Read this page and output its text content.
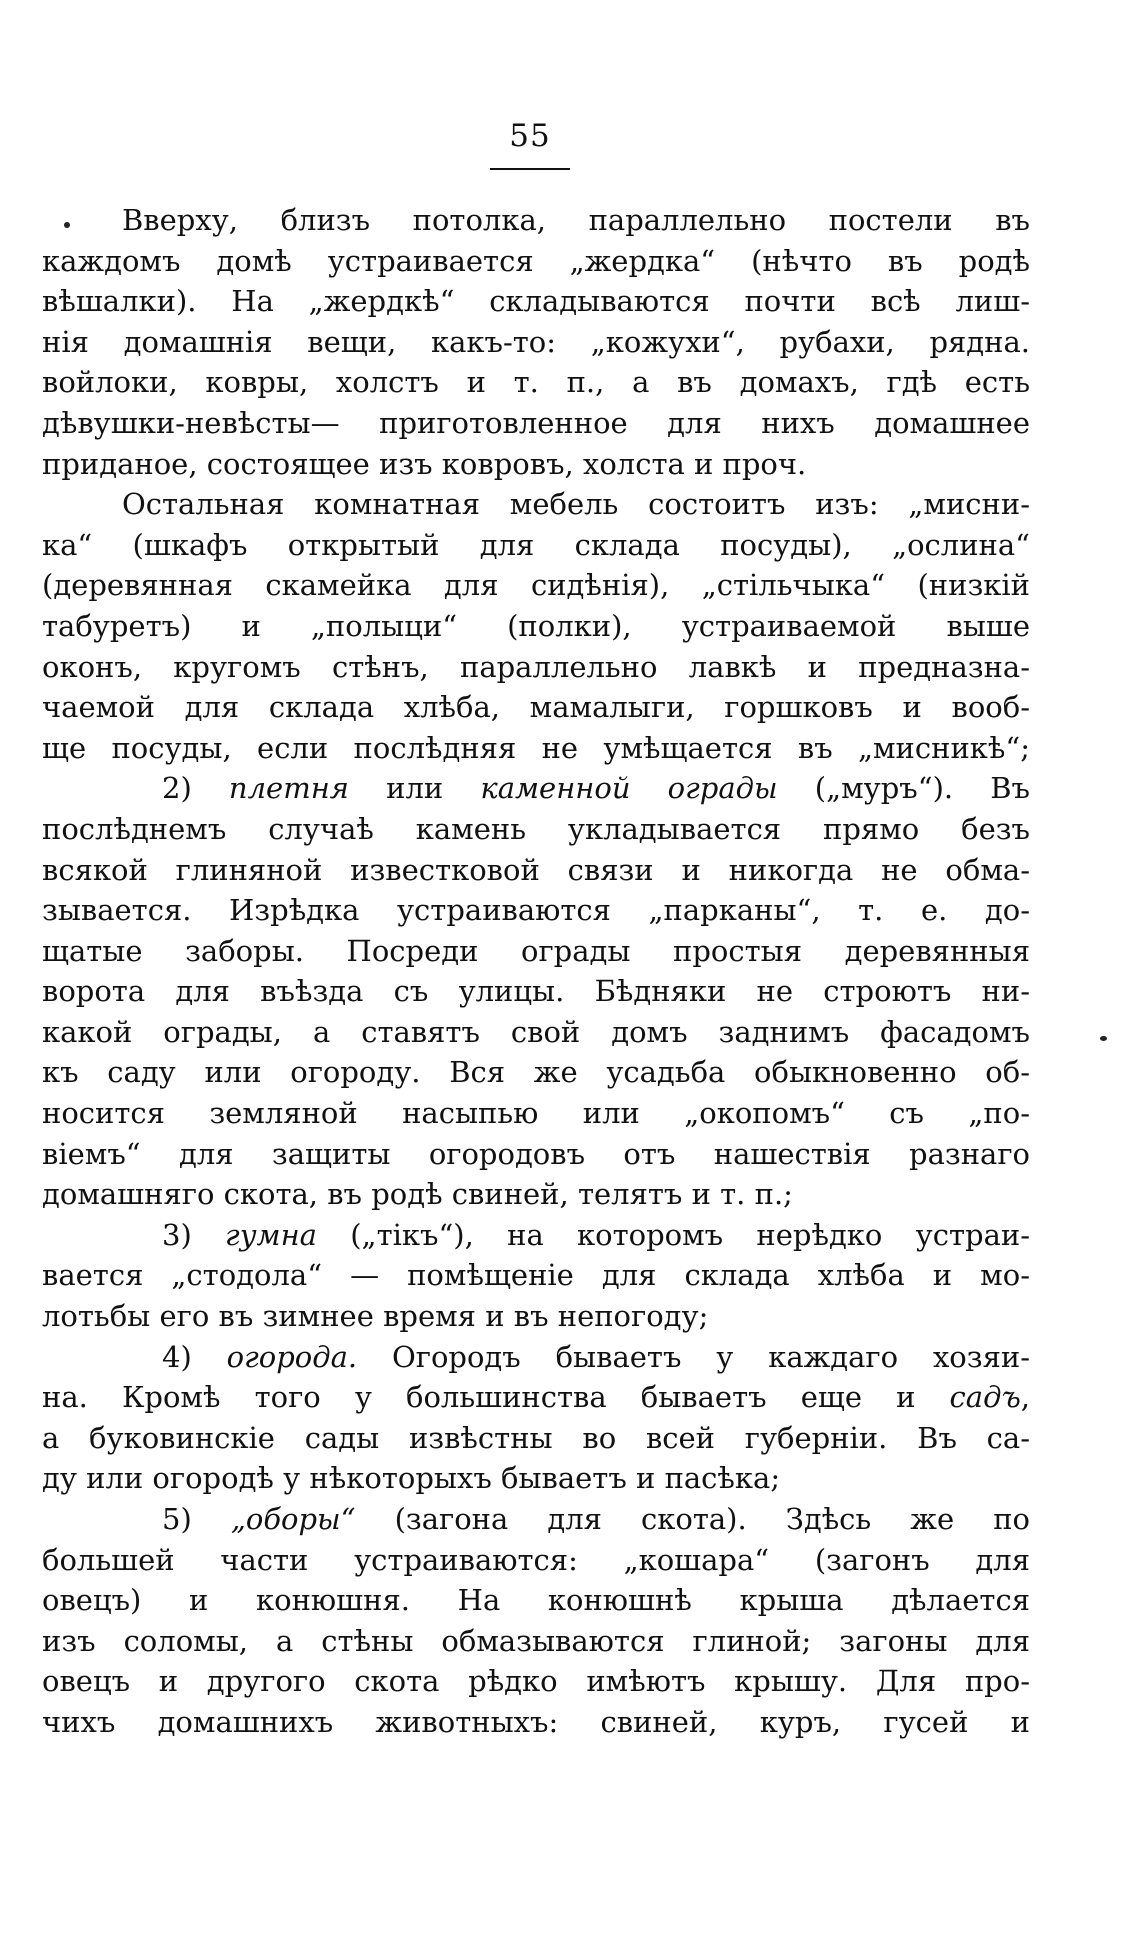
55
Вверху, близъ потолка, параллельно постели въ
каждомъ домѣ устраивается „жердка“ (нѣчто въ родѣ
вѣшалки). На „жердкѣ“ складываются почти всѣ лиш-
нія домашнія вещи, какъ-то: „кожухи“, рубахи, рядна.
войлоки, ковры, холстъ и т. п., а въ домахъ, гдѣ есть
дѣвушки-невѣсты— приготовленное для нихъ домашнее
приданое, состоящее изъ ковровъ, холста и проч.
Остальная комнатная мебель состоитъ изъ: „мисни-
ка“ (шкафъ открытый для склада посуды), „ослина“
(деревянная скамейка для сидѣнія), „стільчыка“ (низкій
табуретъ) и „полыци“ (полки), устраиваемой выше
оконъ, кругомъ стѣнъ, параллельно лавкѣ и предназна-
чаемой для склада хлѣба, мамалыги, горшковъ и вооб-
ще посуды, если послѣдняя не умѣщается въ „мисникѣ“;
2) плетня или каменной ограды („муръ“). Въ
послѣднемъ случаѣ камень укладывается прямо безъ
всякой глиняной известковой связи и никогда не обма-
зывается. Изрѣдка устраиваются „парканы“, т. е. до-
щатые заборы. Посреди ограды простыя деревянныя
ворота для въѣзда съ улицы. Бѣдняки не строютъ ни-
какой ограды, а ставятъ свой домъ заднимъ фасадомъ
къ саду или огороду. Вся же усадьба обыкновенно об-
носится земляной насыпью или „окопомъ“ съ „по-
віемъ“ для защиты огородовъ отъ нашествія разнаго
домашняго скота, въ родѣ свиней, телятъ и т. п.;
3) гумна („тікъ“), на которомъ нерѣдко устраи-
вается „стодола“ — помѣщеніе для склада хлѣба и мо-
лотьбы его въ зимнее время и въ непогоду;
4) огорода. Огородъ бываетъ у каждаго хозяи-
на. Кромѣ того у большинства бываетъ еще и садъ,
а буковинскіе сады извѣстны во всей губерніи. Въ са-
ду или огородѣ у нѣкоторыхъ бываетъ и пасѣка;
5) „оборы“ (загона для скота). Здѣсь же по
большей части устраиваются: „кошара“ (загонъ для
овецъ) и конюшня. На конюшнѣ крыша дѣлается
изъ соломы, а стѣны обмазываются глиной; загоны для
овецъ и другого скота рѣдко имѣютъ крышу. Для про-
чихъ домашнихъ животныхъ: свиней, куръ, гусей и
